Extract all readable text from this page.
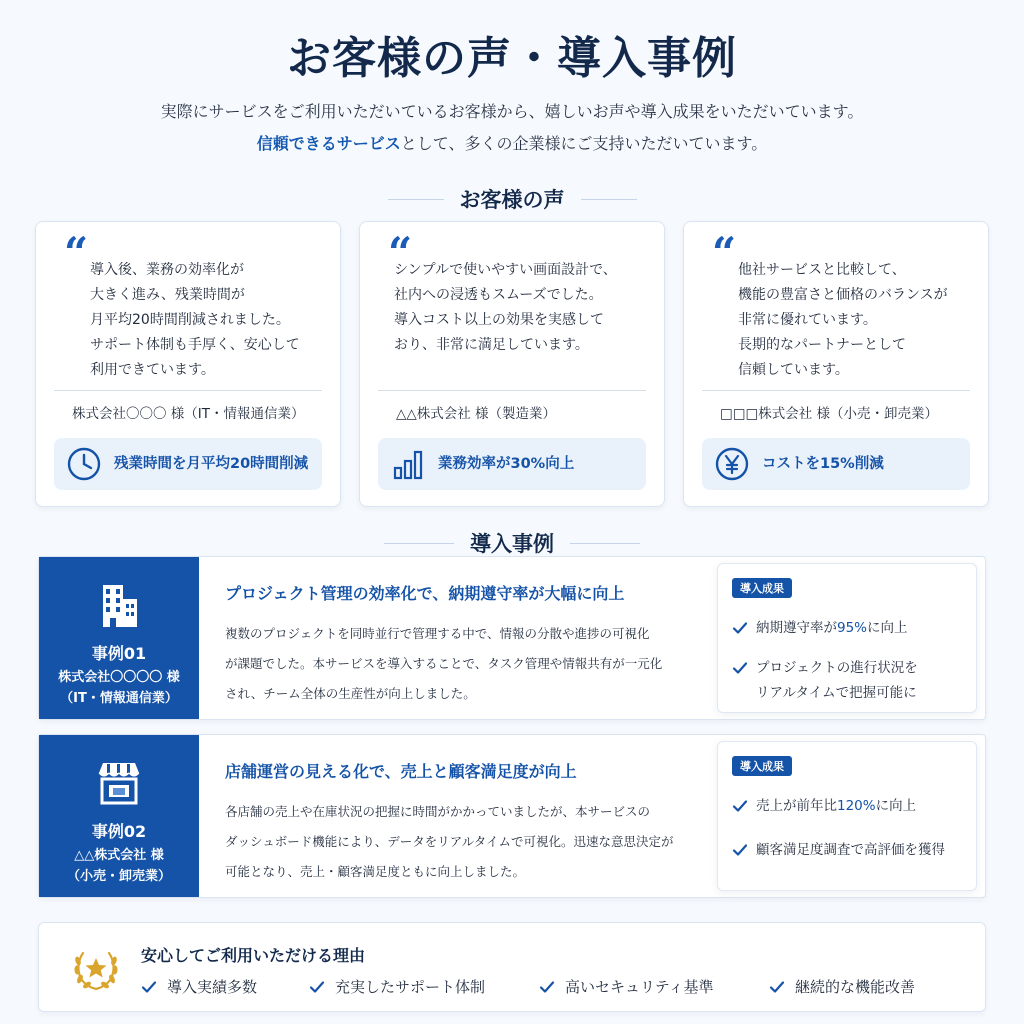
お客様の声・導入事例
実際にサービスをご利用いただいているお客様から、嬉しいお声や導入成果をいただいています。
信頼できるサービスとして、多くの企業様にご支持いただいています。
お客様の声
“ 導入後、業務の効率化が
大きく進み、残業時間が
月平均20時間削減されました。
サポート体制も手厚く、安心して
利用できています。
株式会社〇〇〇 様（IT・情報通信業）
残業時間を月平均20時間削減
“
シンプルで使いやすい画面設計で、
社内への浸透もスムーズでした。
導入コスト以上の効果を実感して
おり、非常に満足しています。
△△株式会社 様（製造業）
業務効率が30%向上
“ 他社サービスと比較して、
機能の豊富さと価格のバランスが
非常に優れています。
長期的なパートナーとして
信頼しています。
□□□株式会社 様（小売・卸売業）
コストを15%削減
導入事例
事例01
株式会社〇〇〇〇 様
（IT・情報通信業）
プロジェクト管理の効率化で、納期遵守率が大幅に向上
複数のプロジェクトを同時並行で管理する中で、情報の分散や進捗の可視化
が課題でした。本サービスを導入することで、タスク管理や情報共有が一元化
され、チーム全体の生産性が向上しました。
導入成果
納期遵守率が95%に向上
プロジェクトの進行状況を
リアルタイムで把握可能に
事例02
△△株式会社 様
（小売・卸売業）
店舗運営の見える化で、売上と顧客満足度が向上
各店舗の売上や在庫状況の把握に時間がかかっていましたが、本サービスの
ダッシュボード機能により、データをリアルタイムで可視化。迅速な意思決定が
可能となり、売上・顧客満足度ともに向上しました。
導入成果
売上が前年比120%に向上
顧客満足度調査で高評価を獲得
安心してご利用いただける理由
導入実績多数	充実したサポート体制	高いセキュリティ基準	継続的な機能改善
